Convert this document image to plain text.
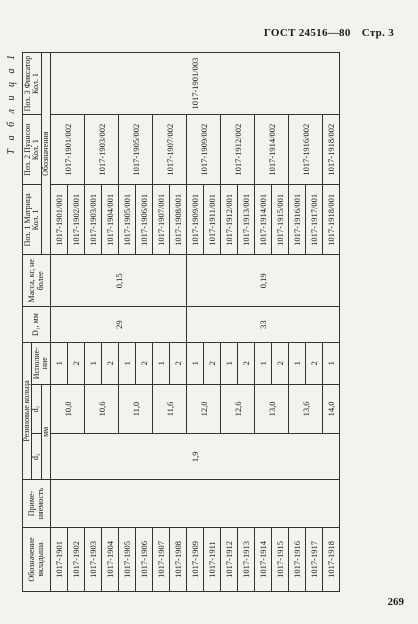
ГОСТ 24516—80 Стр. 3
Т а б л и ц а 1
Обозначение вкладыша	Приме-няемость	Резиновые кольца			D₁, мм	Масса, кг, не более	Поз. 1 Матрица Кол. 1	Поз. 2 Пуансон Кол. 1	Поз. 3 Фиксатор Кол. 1
		d₂	d₁	Исполне-ние					
		мм					Обозначения		
1017-1901		1,9	10,0	1	29	0,15	1017-1901/001	1017-1901/002	1017-1901/003
1017-1902				2			1017-1902/001		
1017-1903			10,6	1			1017-1903/001	1017-1903/002	
1017-1904				2			1017-1904/001		
1017-1905			11,0	1			1017-1905/001	1017-1905/002	
1017-1906				2			1017-1906/001		
1017-1907			11,6	1			1017-1907/001	1017-1907/002	
1017-1908				2			1017-1908/001		
1017-1909			12,0	1	33	0,19	1017-1909/001	1017-1909/002	
1017-1911				2			1017-1911/001		
1017-1912			12,6	1			1017-1912/001	1017-1912/002	
1017-1913				2			1017-1913/001		
1017-1914			13,0	1			1017-1914/001	1017-1914/002	
1017-1915				2			1017-1915/001		
1017-1916			13,6	1			1017-1916/001	1017-1916/002	
1017-1917				2			1017-1917/001		
1017-1918			14,0	1			1017-1918/001	1017-1918/002	
269
